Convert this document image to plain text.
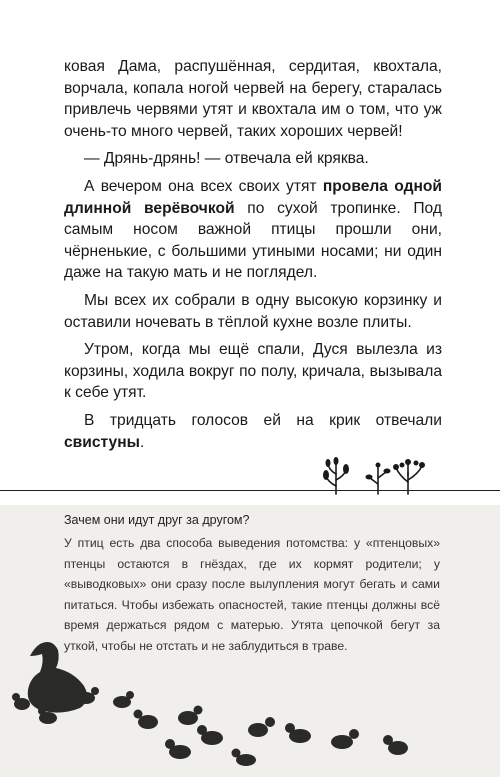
ковая Дама, распушённая, сердитая, квохтала, ворчала, копала ногой червей на берегу, старалась привлечь червями утят и квохтала им о том, что уж очень-то много червей, таких хороших червей!

— Дрянь-дрянь! — отвечала ей кряква.

А вечером она всех своих утят провела одной длинной верёвочкой по сухой тропинке. Под самым носом важной птицы прошли они, чёрненькие, с большими утиными носами; ни один даже на такую мать и не поглядел.

Мы всех их собрали в одну высокую корзинку и оставили ночевать в тёплой кухне возле плиты.

Утром, когда мы ещё спали, Дуся вылезла из корзины, ходила вокруг по полу, кричала, вызывала к себе утят.

В тридцать голосов ей на крик отвечали свистуны.

Зачем они идут друг за другом?
У птиц есть два способа выведения потомства: у «птенцовых» птенцы остаются в гнёздах, где их кормят родители; у «выводковых» они сразу после вылупления могут бегать и сами питаться. Чтобы избежать опасностей, такие птенцы должны всё время держаться рядом с матерью. Утята цепочкой бегут за уткой, чтобы не отстать и не заблудиться в траве.
